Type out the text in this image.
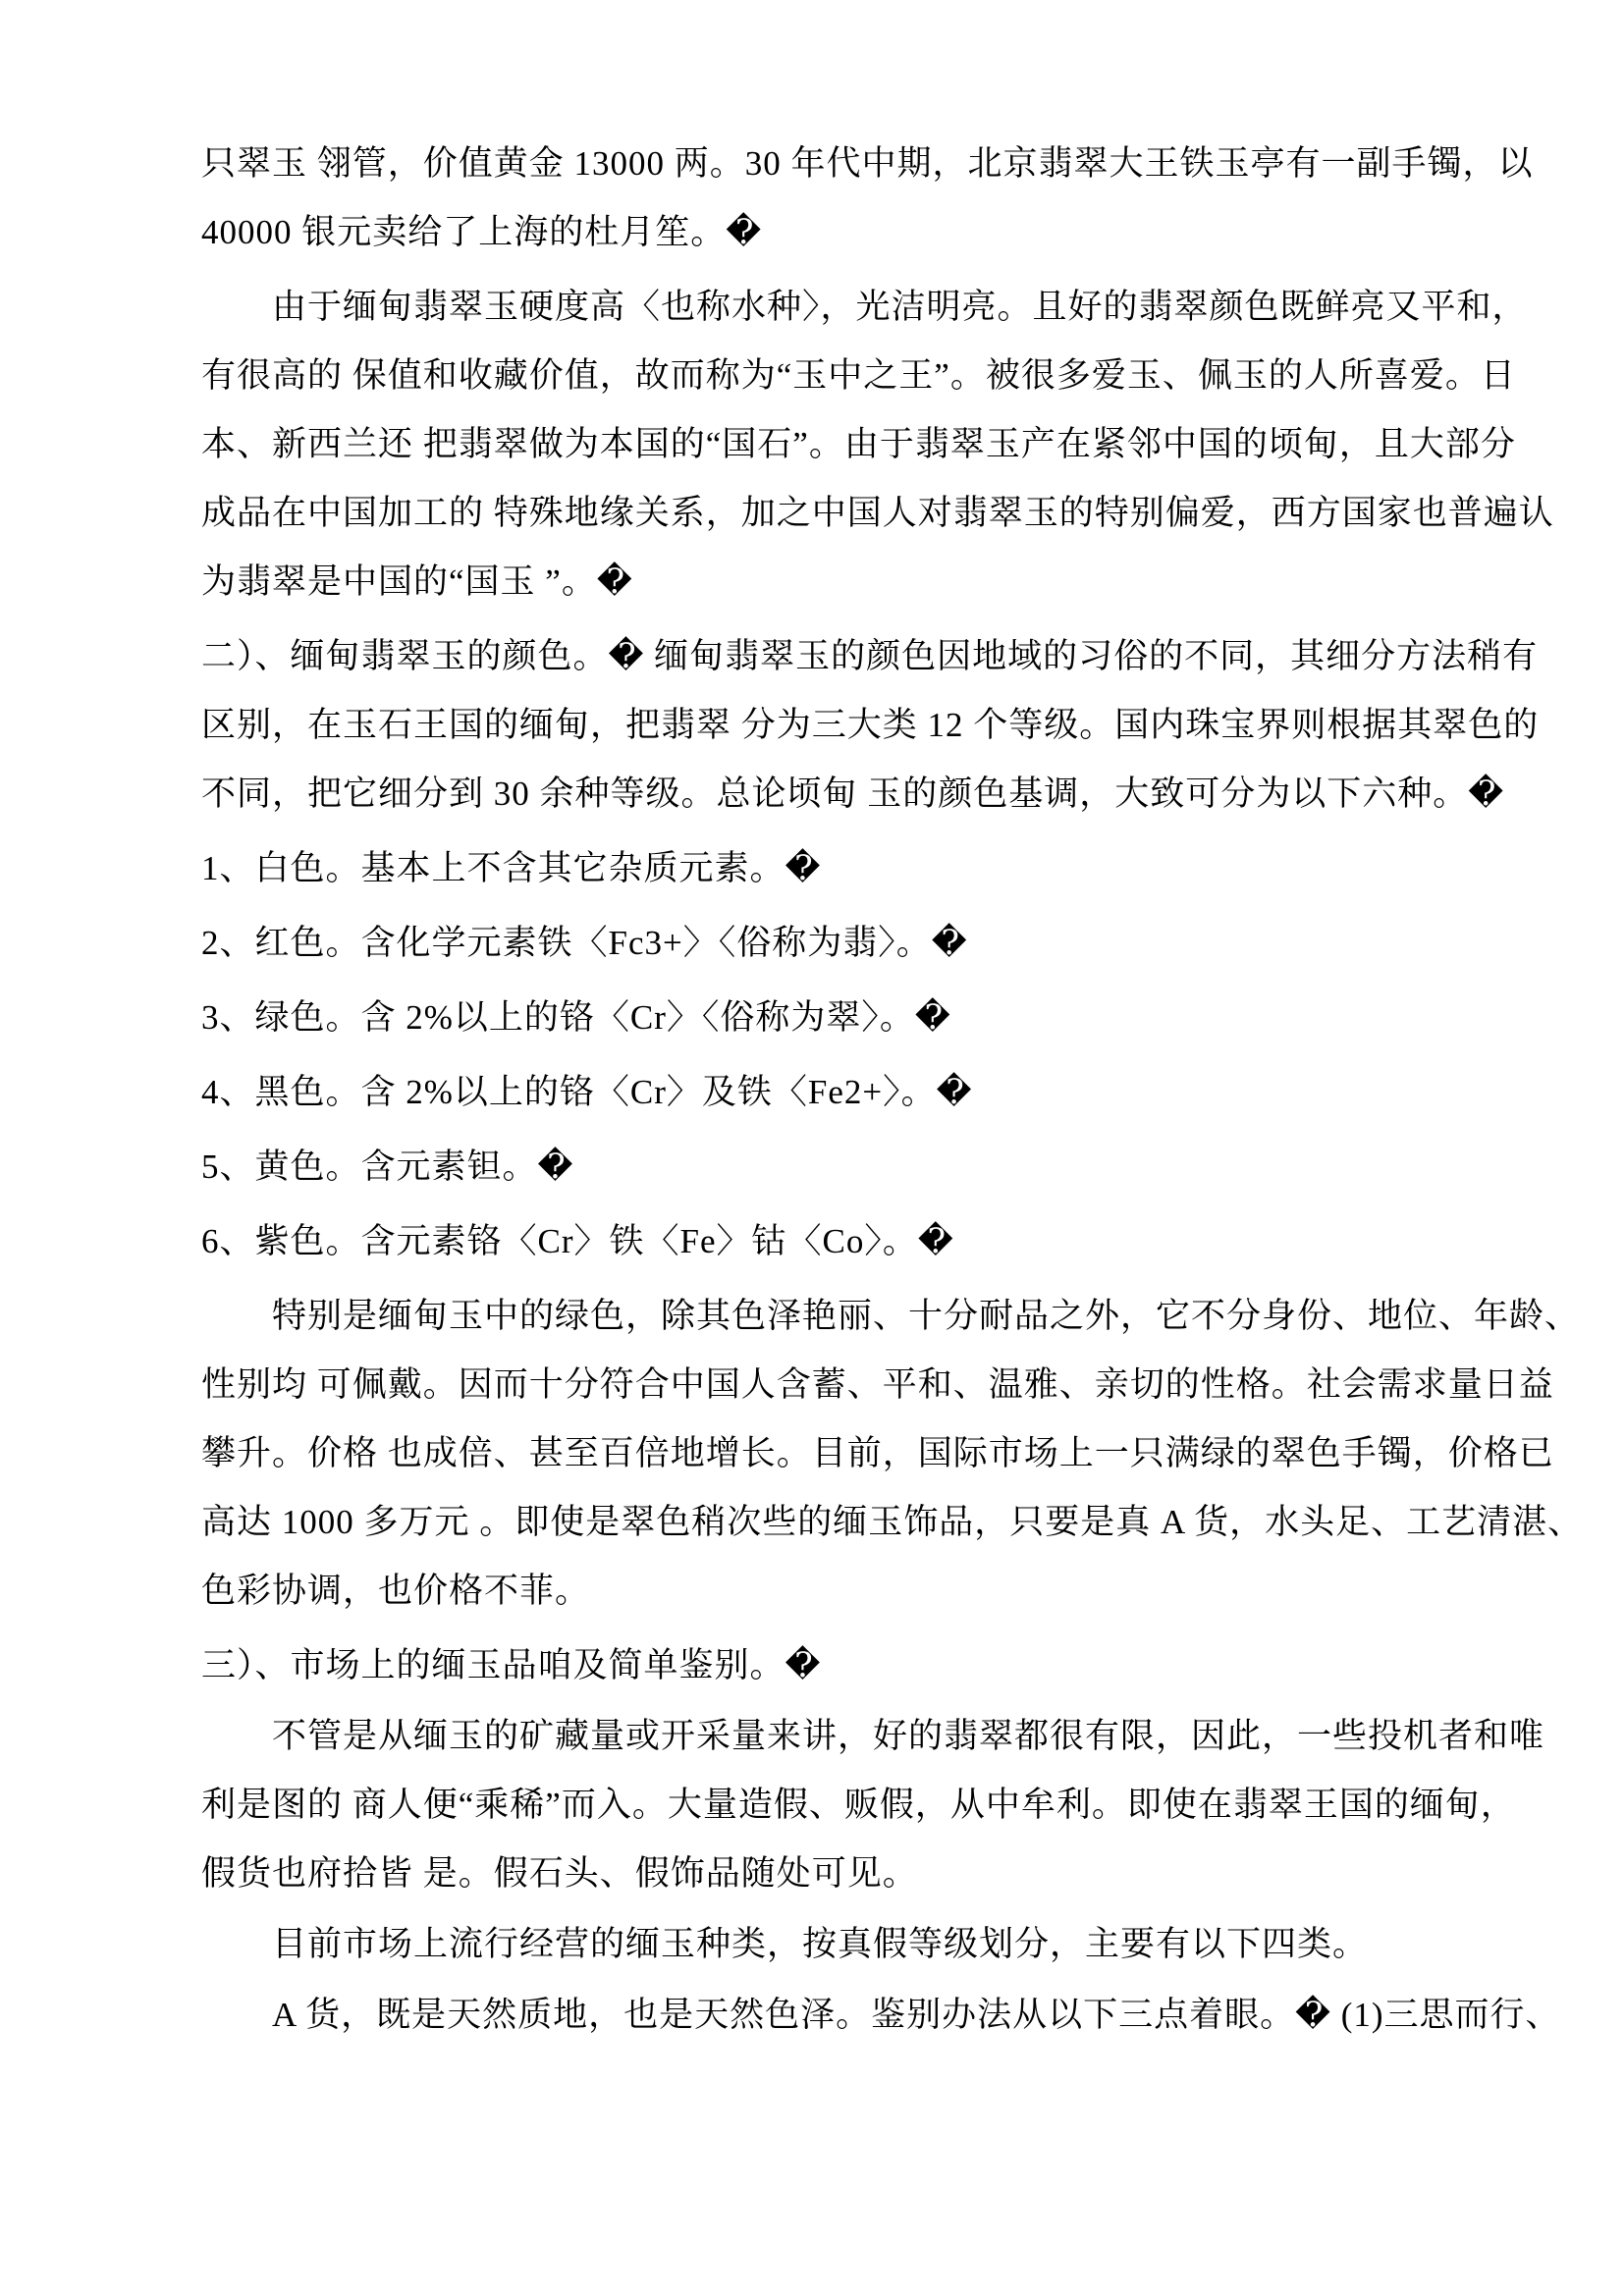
只翠玉 翎管，价值黄金 13000 两。30 年代中期，北京翡翠大王铁玉亭有一副手镯，以
40000 银元卖给了上海的杜月笙。�
由于缅甸翡翠玉硬度高〈也称水种〉，光洁明亮。且好的翡翠颜色既鲜亮又平和，
有很高的 保值和收藏价值，故而称为“玉中之王”。被很多爱玉、佩玉的人所喜爱。日
本、新西兰还 把翡翠做为本国的“国石”。由于翡翠玉产在紧邻中国的顷甸，且大部分
成品在中国加工的 特殊地缘关系，加之中国人对翡翠玉的特别偏爱，西方国家也普遍认
为翡翠是中国的“国玉 ”。�
二）、缅甸翡翠玉的颜色。� 缅甸翡翠玉的颜色因地域的习俗的不同，其细分方法稍有
区别，在玉石王国的缅甸，把翡翠 分为三大类 12 个等级。国内珠宝界则根据其翠色的
不同，把它细分到 30 余种等级。总论顷甸 玉的颜色基调，大致可分为以下六种。�
1、白色。基本上不含其它杂质元素。�
2、红色。含化学元素铁〈Fc3+〉〈俗称为翡〉。�
3、绿色。含 2%以上的铬〈Cr〉〈俗称为翠〉。�
4、黑色。含 2%以上的铬〈Cr〉及铁〈Fe2+〉。�
5、黄色。含元素钽。�
6、紫色。含元素铬〈Cr〉铁〈Fe〉钴〈Co〉。�
特别是缅甸玉中的绿色，除其色泽艳丽、十分耐品之外，它不分身份、地位、年龄、
性别均 可佩戴。因而十分符合中国人含蓄、平和、温雅、亲切的性格。社会需求量日益
攀升。价格 也成倍、甚至百倍地增长。目前，国际市场上一只满绿的翠色手镯，价格已
高达 1000 多万元 。即使是翠色稍次些的缅玉饰品，只要是真 A 货，水头足、工艺清湛、
色彩协调，也价格不菲。
三）、市场上的缅玉品咱及简单鉴别。�
不管是从缅玉的矿藏量或开采量来讲，好的翡翠都很有限，因此，一些投机者和唯
利是图的 商人便“乘稀”而入。大量造假、贩假，从中牟利。即使在翡翠王国的缅甸，
假货也府拾皆 是。假石头、假饰品随处可见。
目前市场上流行经营的缅玉种类，按真假等级划分，主要有以下四类。
A 货，既是天然质地，也是天然色泽。鉴别办法从以下三点着眼。� (1)三思而行、
